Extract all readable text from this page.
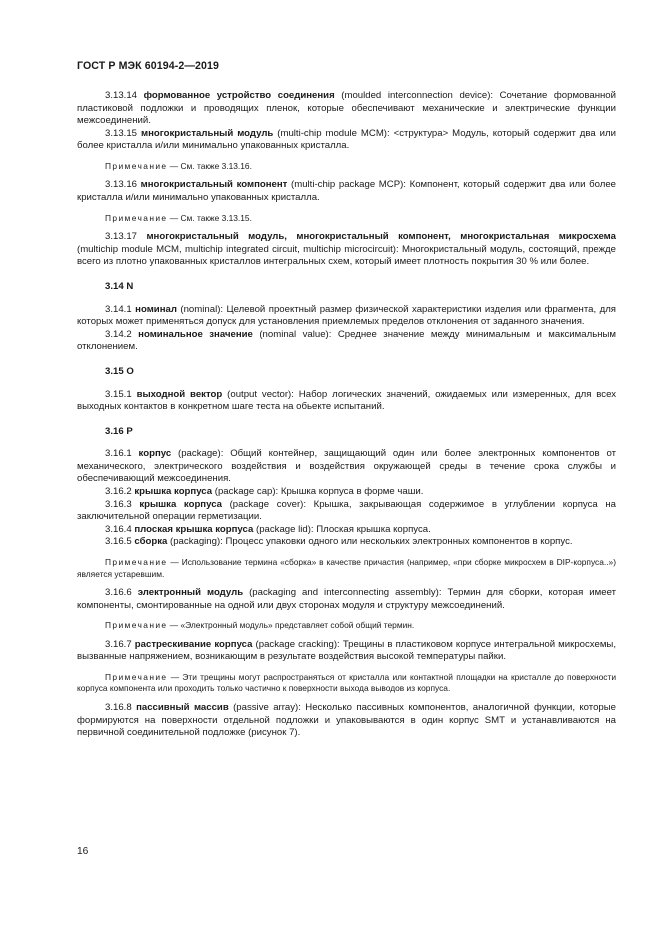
ГОСТ Р МЭК 60194-2—2019

3.13.14 формованное устройство соединения (moulded interconnection device): Сочетание формованной пластиковой подложки и проводящих пленок, которые обеспечивают механические и электрические функции межсоединений.

3.13.15 многокристальный модуль (multi-chip module MCM): <структура> Модуль, который содержит два или более кристалла и/или минимально упакованных кристалла.

Примечание — См. также 3.13.16.

3.13.16 многокристальный компонент (multi-chip package MCP): Компонент, который содержит два или более кристалла и/или минимально упакованных кристалла.

Примечание — См. также 3.13.15.

3.13.17 многокристальный модуль, многокристальный компонент, многокристальная микросхема (multichip module MCM, multichip integrated circuit, multichip microcircuit): Многокристальный модуль, состоящий, прежде всего из плотно упакованных кристаллов интегральных схем, который имеет плотность покрытия 30 % или более.

3.14 N

3.14.1 номинал (nominal): Целевой проектный размер физической характеристики изделия или фрагмента, для которых может применяться допуск для установления приемлемых пределов отклонения от заданного значения.

3.14.2 номинальное значение (nominal value): Среднее значение между минимальным и максимальным отклонением.

3.15 O

3.15.1 выходной вектор (output vector): Набор логических значений, ожидаемых или измеренных, для всех выходных контактов в конкретном шаге теста на обьекте испытаний.

3.16 P

3.16.1 корпус (package): Общий контейнер, защищающий один или более электронных компонентов от механического, электрического воздействия и воздействия окружающей среды в течение срока службы и обеспечивающий межсоединения.

3.16.2 крышка корпуса (package cap): Крышка корпуса в форме чаши.

3.16.3 крышка корпуса (package cover): Крышка, закрывающая содержимое в углублении корпуса на заключительной операции герметизации.

3.16.4 плоская крышка корпуса (package lid): Плоская крышка корпуса.

3.16.5 сборка (packaging): Процесс упаковки одного или нескольких электронных компонентов в корпус.

Примечание — Использование термина «сборка» в качестве причастия (например, «при сборке микросхем в DIP-корпуса..») является устаревшим.

3.16.6 электронный модуль (packaging and interconnecting assembly): Термин для сборки, которая имеет компоненты, смонтированные на одной или двух сторонах модуля и структуру межсоединений.

Примечание — «Электронный модуль» представляет собой общий термин.

3.16.7 растрескивание корпуса (package cracking): Трещины в пластиковом корпусе интегральной микросхемы, вызванные напряжением, возникающим в результате воздействия высокой температуры пайки.

Примечание — Эти трещины могут распространяться от кристалла или контактной площадки на кристалле до поверхности корпуса компонента или проходить только частично к поверхности выхода выводов из корпуса.

3.16.8 пассивный массив (passive array): Несколько пассивных компонентов, аналогичной функции, которые формируются на поверхности отдельной подложки и упаковываются в один корпус SMT и устанавливаются на первичной соединительной подложке (рисунок 7).

16
